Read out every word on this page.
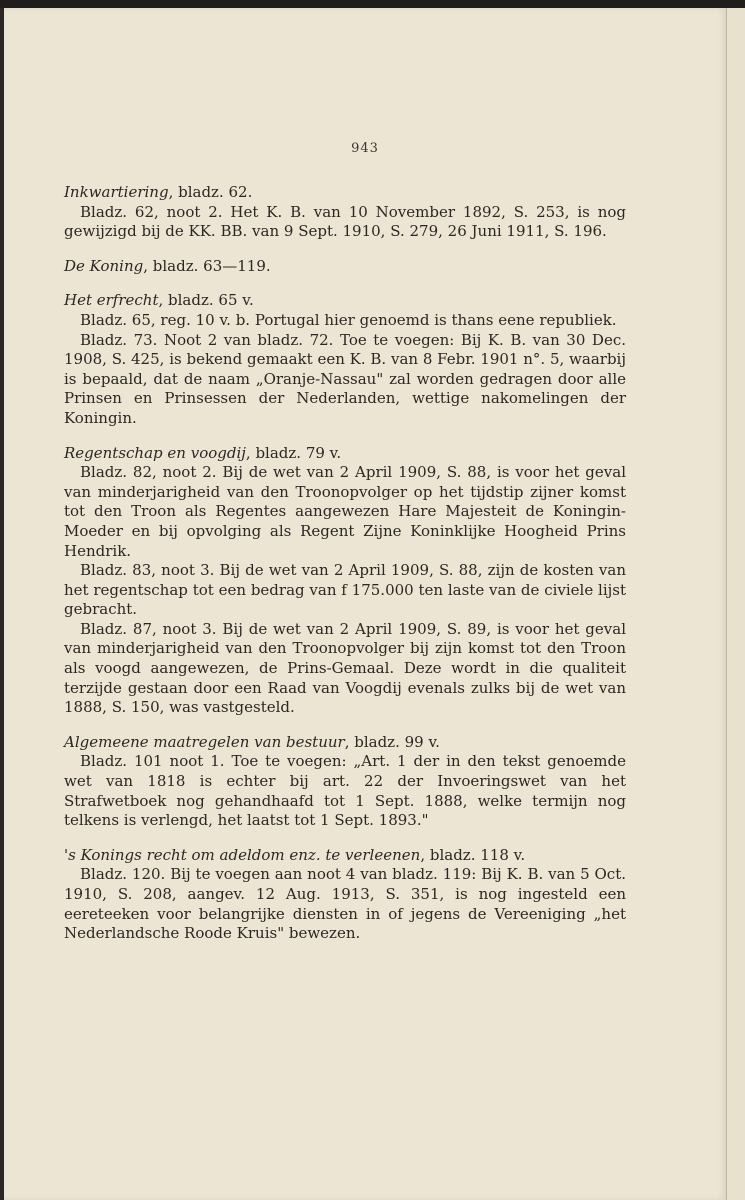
943

Inkwartiering, bladz. 62.

Bladz. 62, noot 2. Het K. B. van 10 November 1892, S. 253, is nog gewijzigd bij de KK. BB. van 9 Sept. 1910, S. 279, 26 Juni 1911, S. 196.

De Koning, bladz. 63—119.

Het erfrecht, bladz. 65 v.

Bladz. 65, reg. 10 v. b. Portugal hier genoemd is thans eene republiek.

Bladz. 73. Noot 2 van bladz. 72. Toe te voegen: Bij K. B. van 30 Dec. 1908, S. 425, is bekend gemaakt een K. B. van 8 Febr. 1901 n°. 5, waarbij is bepaald, dat de naam „Oranje-Nassau" zal worden gedragen door alle Prinsen en Prinsessen der Nederlanden, wettige nakomelingen der Koningin.

Regentschap en voogdij, bladz. 79 v.

Bladz. 82, noot 2. Bij de wet van 2 April 1909, S. 88, is voor het geval van minderjarigheid van den Troonopvolger op het tijdstip zijner komst tot den Troon als Regentes aangewezen Hare Majesteit de Koningin-Moeder en bij opvolging als Regent Zijne Koninklijke Hoogheid Prins Hendrik.

Bladz. 83, noot 3. Bij de wet van 2 April 1909, S. 88, zijn de kosten van het regentschap tot een bedrag van f 175.000 ten laste van de civiele lijst gebracht.

Bladz. 87, noot 3. Bij de wet van 2 April 1909, S. 89, is voor het geval van minderjarigheid van den Troonopvolger bij zijn komst tot den Troon als voogd aangewezen, de Prins-Gemaal. Deze wordt in die qualiteit terzijde gestaan door een Raad van Voogdij evenals zulks bij de wet van 1888, S. 150, was vastgesteld.

Algemeene maatregelen van bestuur, bladz. 99 v.

Bladz. 101 noot 1. Toe te voegen: „Art. 1 der in den tekst genoemde wet van 1818 is echter bij art. 22 der Invoeringswet van het Strafwetboek nog gehandhaafd tot 1 Sept. 1888, welke termijn nog telkens is verlengd, het laatst tot 1 Sept. 1893."

's Konings recht om adeldom enz. te verleenen, bladz. 118 v.

Bladz. 120. Bij te voegen aan noot 4 van bladz. 119: Bij K. B. van 5 Oct. 1910, S. 208, aangev. 12 Aug. 1913, S. 351, is nog ingesteld een eereteeken voor belangrijke diensten in of jegens de Vereeniging „het Nederlandsche Roode Kruis" bewezen.
